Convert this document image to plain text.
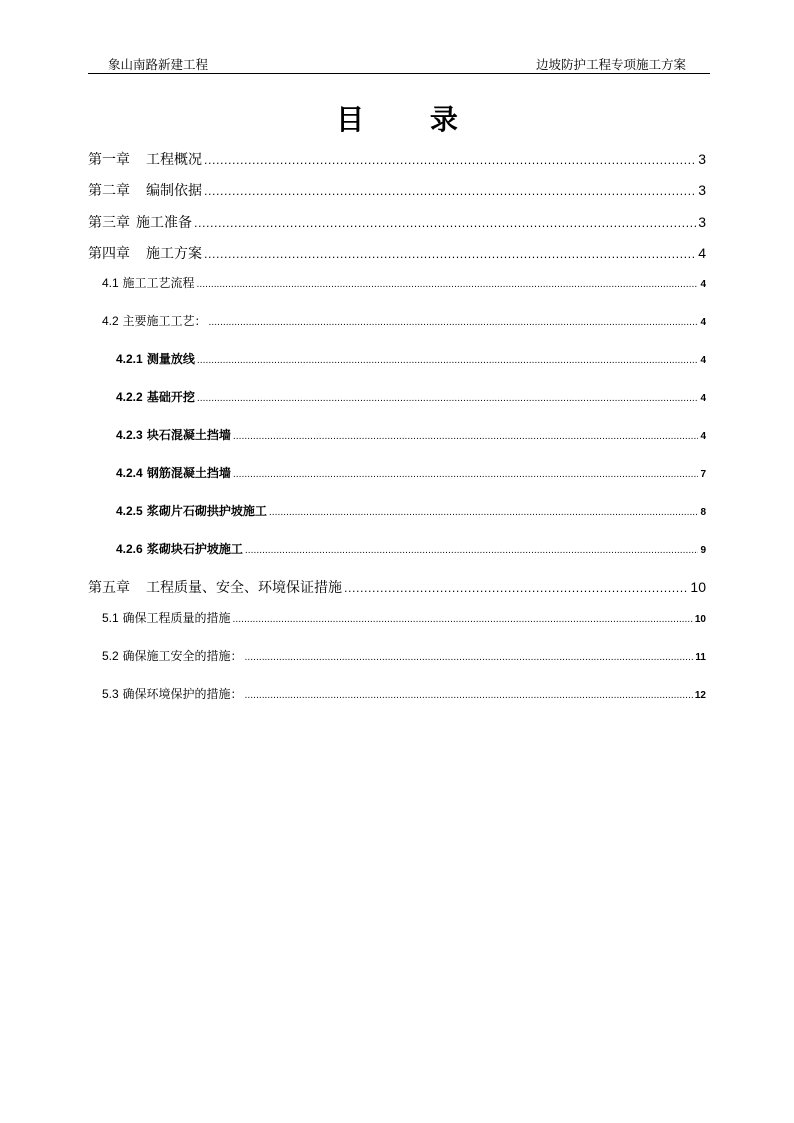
象山南路新建工程	边坡防护工程专项施工方案
目 录
第一章 工程概况 .....	3
第二章 编制依据 .....	3
第三章 施工准备 .....	3
第四章 施工方案 .....	4
4.1 施工工艺流程 .....	4
4.2 主要施工工艺： .....	4
4.2.1 测量放线 .....	4
4.2.2 基础开挖 .....	4
4.2.3 块石混凝土挡墙 .....	4
4.2.4 钢筋混凝土挡墙 .....	7
4.2.5 浆砌片石砌拱护坡施工 .....	8
4.2.6 浆砌块石护坡施工 .....	9
第五章 工程质量、安全、环境保证措施 .....	10
5.1 确保工程质量的措施 .....	10
5.2 确保施工安全的措施： .....	11
5.3 确保环境保护的措施： .....	12
